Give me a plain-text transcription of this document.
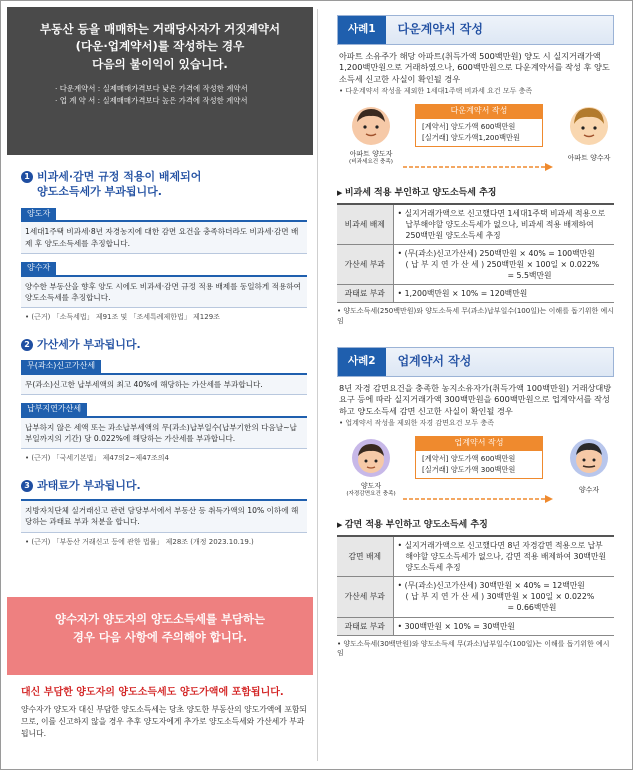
부동산 등을 매매하는 거래당사자가 거짓계약서
(다운·업계약서)를 작성하는 경우
다음의 불이익이 있습니다.
· 다운계약서 : 실제매매가격보다 낮은 가격에 작성한 계약서
· 업 계 약 서 : 실제매매가격보다 높은 가격에 작성한 계약서
1 비과세·감면 규정 적용이 배제되어
양도소득세가 부과됩니다.
양도자
1세대1주택 비과세·8년 자경농지에 대한 감면 요건을 충족하더라도 비과세·감면 배제 후 양도소득세를 추징합니다.
양수자
양수한 부동산을 향후 양도 시에도 비과세·감면 규정 적용 배제를 동일하게 적용하여 양도소득세를 추징합니다.
• (근거) 「소득세법」 제91조 및 「조세특례제한법」 제129조
2 가산세가 부과됩니다.
무(과소)신고가산세
무(과소)신고한 납부세액의 최고 40%에 해당하는 가산세를 부과합니다.
납부지연가산세
납부하지 않은 세액 또는 과소납부세액의 무(과소)납부일수(납부기한의 다음날~납부일까지의 기간) 당 0.022%에 해당하는 가산세를 부과합니다.
• (근거) 「국세기본법」 제47의2~제47조의4
3 과태료가 부과됩니다.
지방자치단체 실거래신고 관련 담당부서에서 부동산 등 취득가액의 10% 이하에 해당하는 과태료 부과 처분을 합니다.
• (근거) 「부동산 거래신고 등에 관한 법률」 제28조 (개정 2023.10.19.)
양수자가 양도자의 양도소득세를 부담하는
경우 다음 사항에 주의해야 합니다.
대신 부담한 양도자의 양도소득세도 양도가액에 포함됩니다.
양수자가 양도자 대신 부담한 양도소득세는 당초 양도한 부동산의 양도가액에 포함되므로, 이를 신고하지 않을 경우 추후 양도자에게 추가로 양도소득세와 가산세가 부과됩니다.
사례1	다운계약서 작성
아파트 소유주가 해당 아파트(취득가액 500백만원) 양도 시 실지거래가액 1,200백만원으로 거래하였으나, 600백만원으로 다운계약서를 작성 후 양도소득세 신고한 사실이 확인될 경우
• 다운계약서 작성을 제외한 1세대1주택 비과세 요건 모두 충족
아파트 양도자
(비과세요건 충족)
다운계약서 작성
[계약서] 양도가액 600백만원
[실거래] 양도가액1,200백만원
아파트 양수자
▶ 비과세 적용 부인하고 양도소득세 추징
비과세 배제	• 실지거래가액으로 신고했다면 1세대1주택 비과세 적용으로 납부해야할 양도소득세가 없으나, 비과세 적용 배제하여 250백만원 양도소득세 추징

가산세 부과	• (무(과소)신고가산세) 250백만원 × 40% = 100백만원
( 납 부 지 연 가 산 세 ) 250백만원 × 100일 × 0.022%
= 5.5백만원

과태료 부과	• 1,200백만원 × 10% = 120백만원
• 양도소득세(250백만원)와 양도소득세 무(과소)납부일수(100일)는 이해를 돕기위한 예시임
사례2	업계약서 작성
8년 자경 감면요건을 충족한 농지소유자가(취득가액 100백만원) 거래상대방 요구 등에 따라 실지거래가액 300백만원을 600백만원으로 업계약서를 작성하고 양도소득세 감면 신고한 사실이 확인될 경우
• 업계약서 작성을 제외한 자경 감면요건 모두 충족
양도자
(자경감면요건 충족)
업계약서 작성
[계약서] 양도가액 600백만원
[실거래] 양도가액 300백만원
양수자
▶ 감면 적용 부인하고 양도소득세 추징
감면 배제	• 실지거래가액으로 신고했다면 8년 자경감면 적용으로 납부해야할 양도소득세가 없으나, 감면 적용 배제하여 30백만원 양도소득세 추징

가산세 부과	• (무(과소)신고가산세) 30백만원 × 40% = 12백만원
( 납 부 지 연 가 산 세 ) 30백만원 × 100일 × 0.022%
= 0.66백만원

과태료 부과	• 300백만원 × 10% = 30백만원
• 양도소득세(30백만원)와 양도소득세 무(과소)납부일수(100일)는 이해를 돕기위한 예시임
